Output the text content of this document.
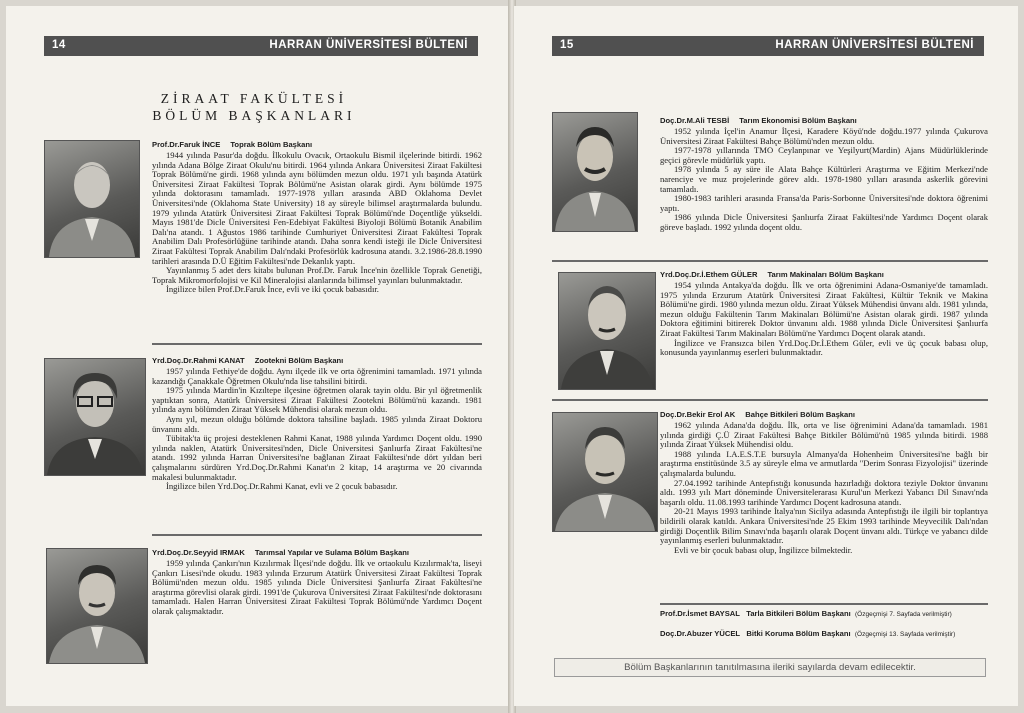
14	HARRAN ÜNİVERSİTESİ BÜLTENİ
ZİRAAT FAKÜLTESİ
BÖLÜM BAŞKANLARI
Prof.Dr.Faruk İNCE Toprak Bölüm Başkanı

1944 yılında Pasur'da doğdu. İlkokulu Ovacık, Ortaokulu Bismil ilçelerinde bitirdi. 1962 yılında Adana Bölge Ziraat Okulu'nu bitirdi. 1964 yılında Ankara Üniversitesi Ziraat Fakültesi Toprak Bölümü'ne girdi. 1968 yılında aynı bölümden mezun oldu. 1971 yılı başında Atatürk Üniversitesi Ziraat Fakültesi Toprak Bölümü'ne Asistan olarak girdi. Aynı bölümde 1975 yılında doktorasını tamamladı. 1977-1978 yılları arasında ABD Oklahoma Devlet Üniversitesi'nde (Oklahoma State University) 18 ay süreyle bilimsel araştırmalarda bulundu. 1979 yılında Atatürk Üniversitesi Ziraat Fakültesi Toprak Bölümü'nde Doçentliğe yükseldi. Mayıs 1981'de Dicle Üniversitesi Fen-Edebiyat Fakültesi Biyoloji Bölümü Botanik Anabilim Dalı'na atandı. 1 Ağustos 1986 tarihinde Cumhuriyet Üniversitesi Ziraat Fakültesi Toprak Anabilim Dalı Profesörlüğüne tarihinde atandı. Daha sonra kendi isteği ile Dicle Üniversitesi Ziraat Fakültesi Toprak Anabilim Dalı'ndaki Profesörlük kadrosuna atandı. 3.2.1986-28.8.1990 tarihleri arasında D.Ü Eğitim Fakültesi'nde Dekanlık yaptı.

Yayınlanmış 5 adet ders kitabı bulunan Prof.Dr. Faruk İnce'nin özellikle Toprak Genetiği, Toprak Mikromorfolojisi ve Kil Mineralojisi alanlarında bilimsel yayınları bulunmaktadır.

İngilizce bilen Prof.Dr.Faruk İnce, evli ve iki çocuk babasıdır.

Yrd.Doç.Dr.Rahmi KANAT Zootekni Bölüm Başkanı

1957 yılında Fethiye'de doğdu. Aynı ilçede ilk ve orta öğrenimini tamamladı. 1971 yılında kazandığı Çanakkale Öğretmen Okulu'nda lise tahsilini bitirdi.

1975 yılında Mardin'in Kızıltepe ilçesine öğretmen olarak tayin oldu. Bir yıl öğretmenlik yaptıktan sonra, Atatürk Üniversitesi Ziraat Fakültesi Zootekni Bölümü'nü kazandı. 1981 yılında aynı bölümden Ziraat Yüksek Mühendisi olarak mezun oldu.

Aynı yıl, mezun olduğu bölümde doktora tahsiline başladı. 1985 yılında Ziraat Doktoru ünvanını aldı.

Tübitak'ta üç projesi desteklenen Rahmi Kanat, 1988 yılında Yardımcı Doçent oldu. 1990 yılında naklen, Atatürk Üniversitesi'nden, Dicle Üniversitesi Şanlıurfa Ziraat Fakültesi'ne atandı. 1992 yılında Harran Üniversitesi'ne bağlanan Ziraat Fakültesi'nde dört yıldan beri çalışmalarını sürdüren Yrd.Doç.Dr.Rahmi Kanat'ın 2 kitap, 14 araştırma ve 20 civarında makalesi bulunmaktadır.

İngilizce bilen Yrd.Doç.Dr.Rahmi Kanat, evli ve 2 çocuk babasıdır.

Yrd.Doç.Dr.Seyyid IRMAK Tarımsal Yapılar ve Sulama Bölüm Başkanı

1959 yılında Çankırı'nın Kızılırmak İlçesi'nde doğdu. İlk ve ortaokulu Kızılırmak'ta, liseyi Çankırı Lisesi'nde okudu. 1983 yılında Erzurum Atatürk Üniversitesi Ziraat Fakültesi Toprak Bölümü'nden mezun oldu. 1985 yılında Dicle Üniversitesi Şanlıurfa Ziraat Fakültesi'ne araştırma görevlisi olarak girdi. 1991'de Çukurova Üniversitesi Ziraat Fakültesi'nde doktorasını tamamladı. Halen Harran Üniversitesi Ziraat Fakültesi Toprak Bölümü'nde Yardımcı Doçent olarak çalışmaktadır.

15	HARRAN ÜNİVERSİTESİ BÜLTENİ
Doç.Dr.M.Ali TESBİ Tarım Ekonomisi Bölüm Başkanı

1952 yılında İçel'in Anamur İlçesi, Karadere Köyü'nde doğdu.1977 yılında Çukurova Üniversitesi Ziraat Fakültesi Bahçe Bölümü'nden mezun oldu.

1977-1978 yıllarında TMO Ceylanpınar ve Yeşilyurt(Mardin) Ajans Müdürlüklerinde geçici görevle müdürlük yaptı.

1978 yılında 5 ay süre ile Alata Bahçe Kültürleri Araştırma ve Eğitim Merkezi'nde narenciye ve muz projelerinde görev aldı. 1978-1980 yılları arasında askerlik görevini tamamladı.

1980-1983 tarihleri arasında Fransa'da Paris-Sorbonne Üniversitesi'nde doktora öğrenimi yaptı.

1986 yılında Dicle Üniversitesi Şanlıurfa Ziraat Fakültesi'nde Yardımcı Doçent olarak göreve başladı. 1992 yılında doçent oldu.

Yrd.Doç.Dr.İ.Ethem GÜLER Tarım Makinaları Bölüm Başkanı

1954 yılında Antakya'da doğdu. İlk ve orta öğrenimini Adana-Osmaniye'de tamamladı. 1975 yılında Erzurum Atatürk Üniversitesi Ziraat Fakültesi, Kültür Teknik ve Makina Bölümü'ne girdi. 1980 yılında mezun oldu. Ziraat Yüksek Mühendisi ünvanı aldı. 1981 yılında, mezun olduğu Fakültenin Tarım Makinaları Bölümü'ne Asistan olarak girdi. 1987 yılında Doktora eğitimini bitirerek Doktor ünvanını aldı. 1988 yılında Dicle Üniversitesi Şanlıurfa Ziraat Fakültesi Tarım Makinaları Bölümü'ne Yardımcı Doçent olarak atandı.

İngilizce ve Fransızca bilen Yrd.Doç.Dr.İ.Ethem Güler, evli ve üç çocuk babası olup, konusunda yayınlanmış eserleri bulunmaktadır.

Doç.Dr.Bekir Erol AK Bahçe Bitkileri Bölüm Başkanı

1962 yılında Adana'da doğdu. İlk, orta ve lise öğrenimini Adana'da tamamladı. 1981 yılında girdiği Ç.Ü Ziraat Fakültesi Bahçe Bitkiler Bölümü'nü 1985 yılında bitirdi. 1988 yılında Ziraat Yüksek Mühendisi oldu.

1988 yılında I.A.E.S.T.E bursuyla Almanya'da Hohenheim Üniversitesi'ne bağlı bir araştırma enstitüsünde 3.5 ay süreyle elma ve armutlarda "Derim Sonrası Fizyolojisi" üzerinde çalışmalarda bulundu.

27.04.1992 tarihinde Antepfıstığı konusunda hazırladığı doktora teziyle Doktor ünvanını aldı. 1993 yılı Mart döneminde Üniversitelerarası Kurul'un Merkezi Yabancı Dil Sınavı'nda başarılı oldu. 11.08.1993 tarihinde Yardımcı Doçent kadrosuna atandı.

20-21 Mayıs 1993 tarihinde İtalya'nın Sicilya adasında Antepfıstığı ile ilgili bir toplantıya bildirili olarak katıldı. Ankara Üniversitesi'nde 25 Ekim 1993 tarihinde Meyvecilik Dalı'ndan girdiği Doçentlik Bilim Sınavı'nda başarılı olarak Doçent ünvanı aldı. Türkçe ve yabancı dilde yayınlanmış eserleri bulunmaktadır.

Evli ve bir çocuk babası olup, İngilizce bilmektedir.

Prof.Dr.İsmet BAYSAL Tarla Bitkileri Bölüm Başkanı (Özgeçmişi 7. Sayfada verilmiştir)
Doç.Dr.Abuzer YÜCEL Bitki Koruma Bölüm Başkanı (Özgeçmişi 13. Sayfada verilmiştir)
Bölüm Başkanlarının tanıtılmasına ileriki sayılarda devam edilecektir.
